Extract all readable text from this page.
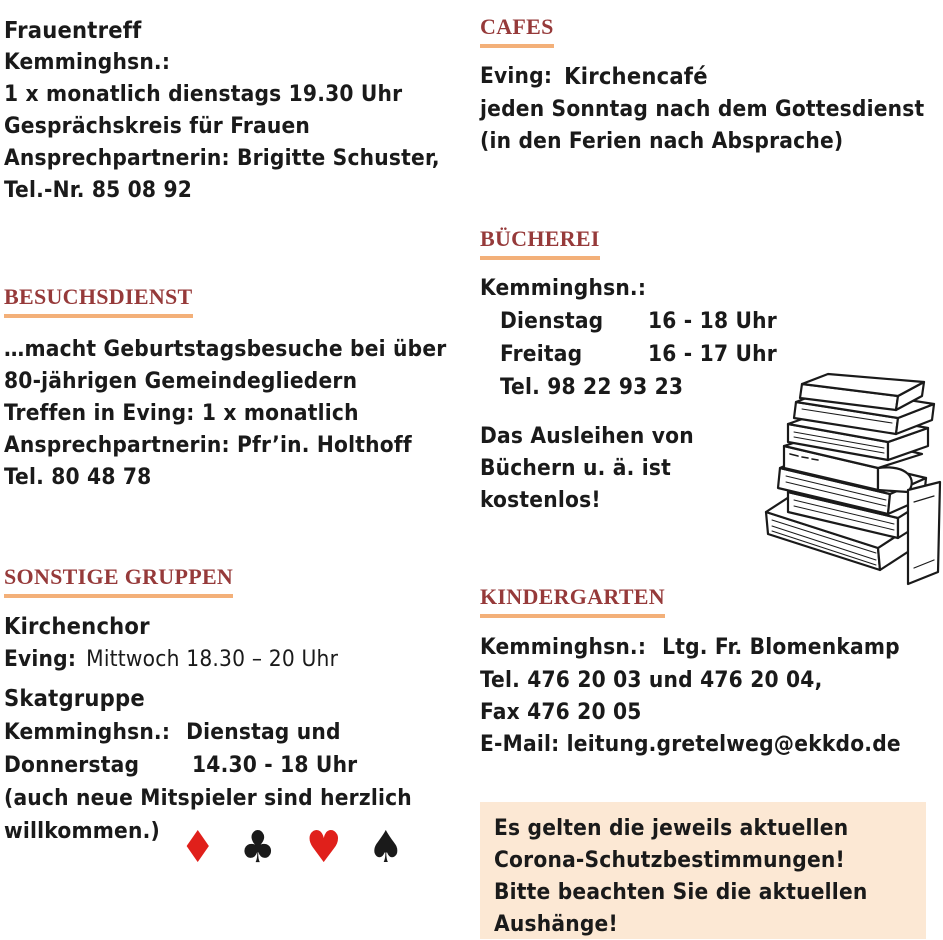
Frauentreff
Kemminghsn.:
1 x monatlich dienstags 19.30 Uhr
Gesprächskreis für Frauen
Ansprechpartnerin: Brigitte Schuster,
Tel.-Nr. 85 08 92
BESUCHSDIENST
…macht Geburtstagsbesuche bei über
80-jährigen Gemeindegliedern
Treffen in Eving: 1 x monatlich
Ansprechpartnerin: Pfr’in. Holthoff
Tel. 80 48 78
SONSTIGE GRUPPEN
Kirchenchor
Eving: Mittwoch 18.30 – 20 Uhr
Skatgruppe
Kemminghsn.: Dienstag und
Donnerstag	14.30 - 18 Uhr
(auch neue Mitspieler sind herzlich
willkommen.) ♦ ♣ ♥ ♠
CAFES
Eving: Kirchencafé
jeden Sonntag nach dem Gottesdienst
(in den Ferien nach Absprache)
BÜCHEREI
Kemminghsn.:
Dienstag	16 - 18 Uhr
Freitag	16 - 17 Uhr
Tel. 98 22 93 23
Das Ausleihen von
Büchern u. ä. ist
kostenlos!
KINDERGARTEN
Kemminghsn.: Ltg. Fr. Blomenkamp
Tel. 476 20 03 und 476 20 04,
Fax 476 20 05
E-Mail: leitung.gretelweg@ekkdo.de
Es gelten die jeweils aktuellen
Corona-Schutzbestimmungen!
Bitte beachten Sie die aktuellen
Aushänge!
